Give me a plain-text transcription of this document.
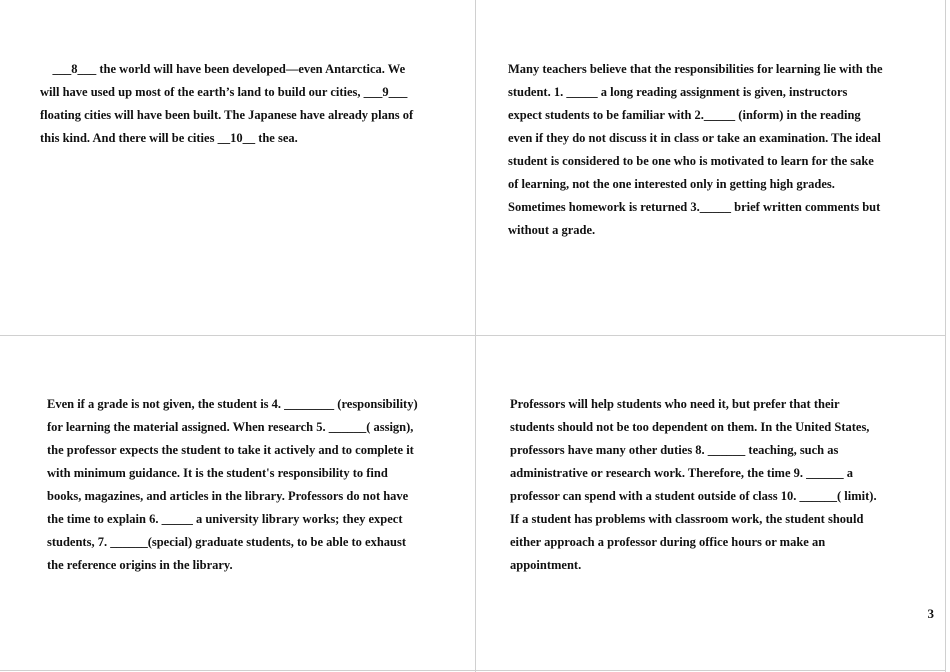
___8___ the world will have been developed—even Antarctica. We
will have used up most of the earth’s land to build our cities, ___9___
floating cities will have been built. The Japanese have already plans of
this kind. And there will be cities __10__ the sea.
Many teachers believe that the responsibilities for learning lie with the
student. 1. _____ a long reading assignment is given, instructors
expect students to be familiar with 2._____ (inform) in the reading
even if they do not discuss it in class or take an examination. The ideal
student is considered to be one who is motivated to learn for the sake
of learning, not the one interested only in getting high grades.
Sometimes homework is returned 3._____ brief written comments but
without a grade.
Even if a grade is not given, the student is 4. ________ (responsibility)
for learning the material assigned. When research 5. ______( assign),
the professor expects the student to take it actively and to complete it
with minimum guidance. It is the student's responsibility to find
books, magazines, and articles in the library. Professors do not have
the time to explain 6. _____ a university library works; they expect
students, 7. ______(special) graduate students, to be able to exhaust
the reference origins in the library.
Professors will help students who need it, but prefer that their
students should not be too dependent on them. In the United States,
professors have many other duties 8. ______ teaching, such as
administrative or research work. Therefore, the time 9. ______ a
professor can spend with a student outside of class 10. ______( limit).
If a student has problems with classroom work, the student should
either approach a professor during office hours or make an
appointment.
3
